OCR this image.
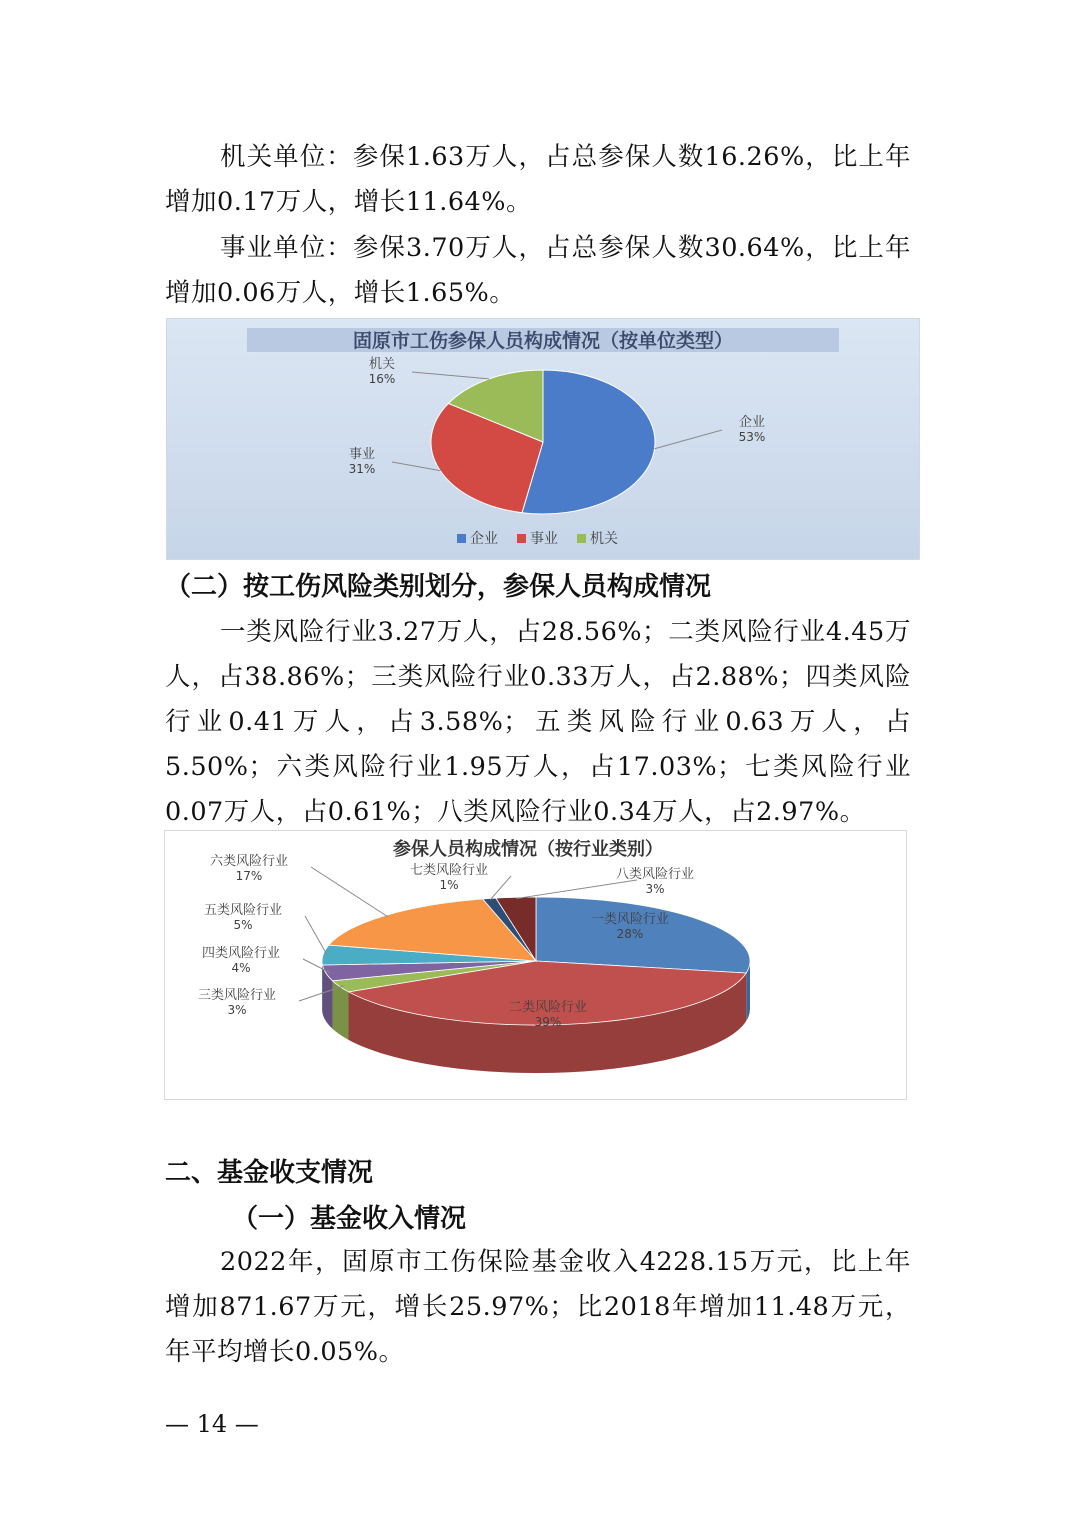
机关单位：参保1.63万人，占总参保人数16.26%，比上年增加0.17万人，增长11.64%。

事业单位：参保3.70万人，占总参保人数30.64%，比上年增加0.06万人，增长1.65%。

固原市工伤参保人员构成情况（按单位类型）
企业
53%
事业
31%
机关
16%
企业 事业 机关
（二）按工伤风险类别划分，参保人员构成情况

一类风险行业3.27万人，占28.56%；二类风险行业4.45万人，占38.86%；三类风险行业0.33万人，占2.88%；四类风险行业0.41万人，占3.58%；五类风险行业0.63万人，占5.50%；六类风险行业1.95万人，占17.03%；七类风险行业0.07万人，占0.61%；八类风险行业0.34万人，占2.97%。

参保人员构成情况（按行业类别）
一类风险行业
28%
二类风险行业
39%
三类风险行业
3%
四类风险行业
4%
五类风险行业
5%
六类风险行业
17%	七类风险行业
1%
八类风险行业
3%
二、基金收支情况
（一）基金收入情况

2022年，固原市工伤保险基金收入4228.15万元，比上年增加871.67万元，增长25.97%；比2018年增加11.48万元，年平均增长0.05%。

— 14 —
